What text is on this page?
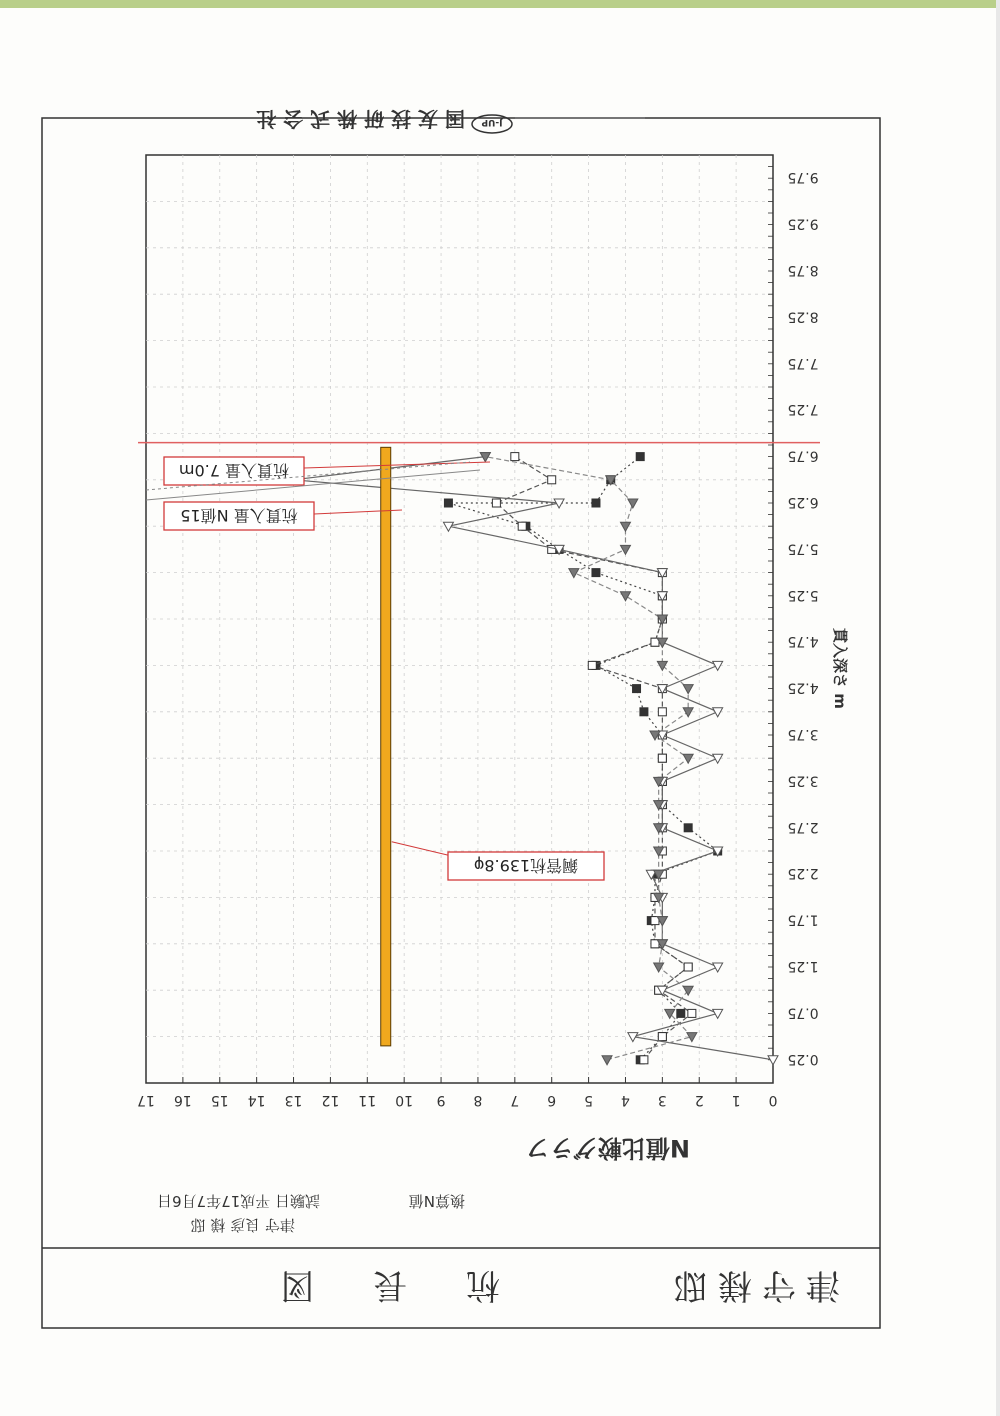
J-UP
国 友 技 研 株 式 会 社
津守様邸
杭 長 図
N値比較グラフ
換算N値
試験日 平成17年7月6日
津守 良彦 様 邸
0
1
2
3
4
5
6
7
8
9
10
11
12
13
14
15
16
17
0.25
0.75
1.25
1.75
2.25
2.75
3.25
3.75
4.25
4.75
5.25
5.75
6.25
6.75
7.25
7.75
8.25
8.75
9.25
9.75
鋼管杭139.8φ
杭貫入量 N値15
杭貫入量 7.0m
貫入深さ m
